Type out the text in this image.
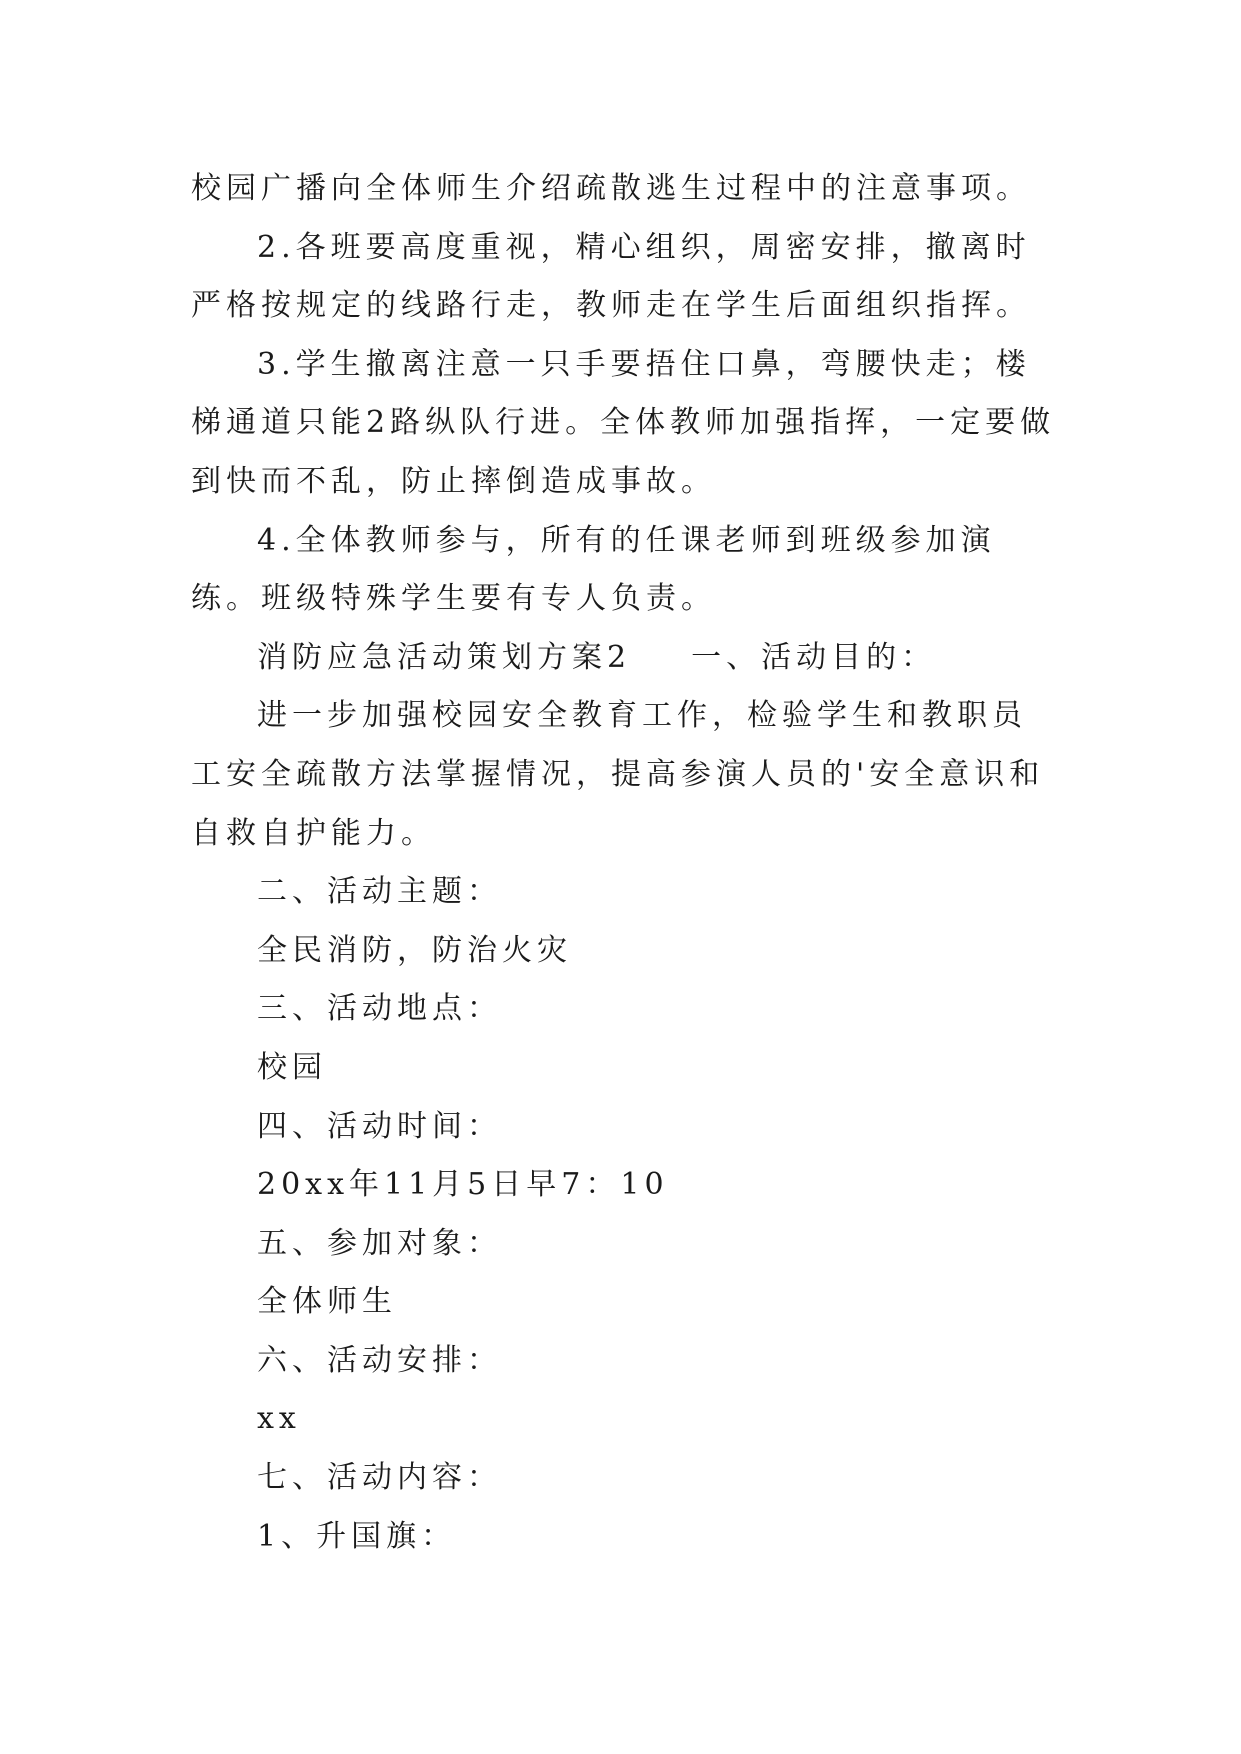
校园广播向全体师生介绍疏散逃生过程中的注意事项。

2.各班要高度重视，精心组织，周密安排，撤离时严格按规定的线路行走，教师走在学生后面组织指挥。

3.学生撤离注意一只手要捂住口鼻，弯腰快走；楼梯通道只能2路纵队行进。全体教师加强指挥，一定要做到快而不乱，防止摔倒造成事故。

4.全体教师参与，所有的任课老师到班级参加演练。班级特殊学生要有专人负责。

消防应急活动策划方案2 一、活动目的：

进一步加强校园安全教育工作，检验学生和教职员工安全疏散方法掌握情况，提高参演人员的'安全意识和自救自护能力。

二、活动主题：

全民消防，防治火灾

三、活动地点：

校园

四、活动时间：

20xx年11月5日早7：10

五、参加对象：

全体师生

六、活动安排：

xx

七、活动内容：

1、升国旗：
